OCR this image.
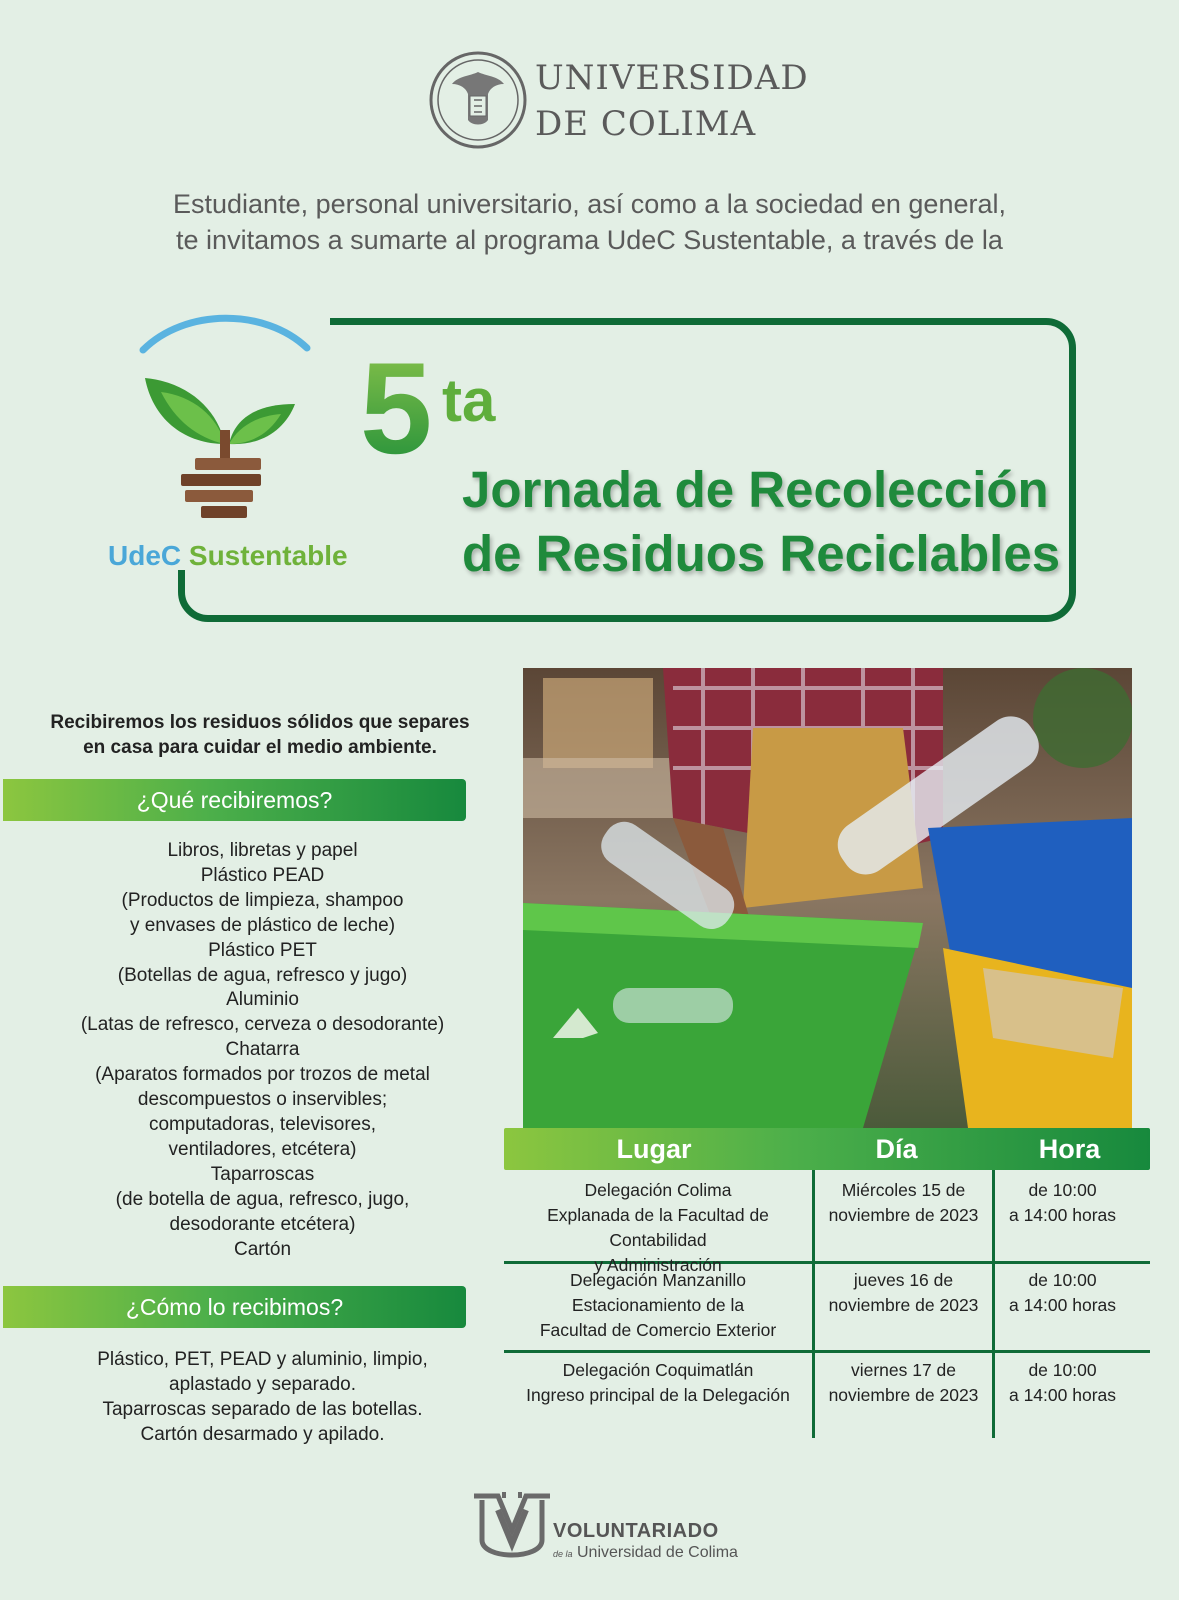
UNIVERSIDAD
DE COLIMA
Estudiante, personal universitario, así como a la sociedad en general,
te invitamos a sumarte al programa UdeC Sustentable, a través de la
UdeC Sustentable
5 ta
Jornada de Recolección
de Residuos Reciclables
Recibiremos los residuos sólidos que separes
en casa para cuidar el medio ambiente.
¿Qué recibiremos?
Libros, libretas y papel
Plástico PEAD
(Productos de limpieza, shampoo
y envases de plástico de leche)
Plástico PET
(Botellas de agua, refresco y jugo)
Aluminio
(Latas de refresco, cerveza o desodorante)
Chatarra
(Aparatos formados por trozos de metal
descompuestos o inservibles;
computadoras, televisores,
ventiladores, etcétera)
Taparroscas
(de botella de agua, refresco, jugo,
desodorante etcétera)
Cartón
¿Cómo lo recibimos?
Plástico, PET, PEAD y aluminio, limpio,
aplastado y separado.
Taparroscas separado de las botellas.
Cartón desarmado y apilado.
Lugar	Día	Hora
Delegación Colima
Explanada de la Facultad de Contabilidad
y Administración
Miércoles 15 de
noviembre de 2023
de 10:00
a 14:00 horas
Delegación Manzanillo
Estacionamiento de la
Facultad de Comercio Exterior
jueves 16 de
noviembre de 2023
de 10:00
a 14:00 horas
Delegación Coquimatlán
Ingreso principal de la Delegación
viernes 17 de
noviembre de 2023
de 10:00
a 14:00 horas
VOLUNTARIADO
de la Universidad de Colima
